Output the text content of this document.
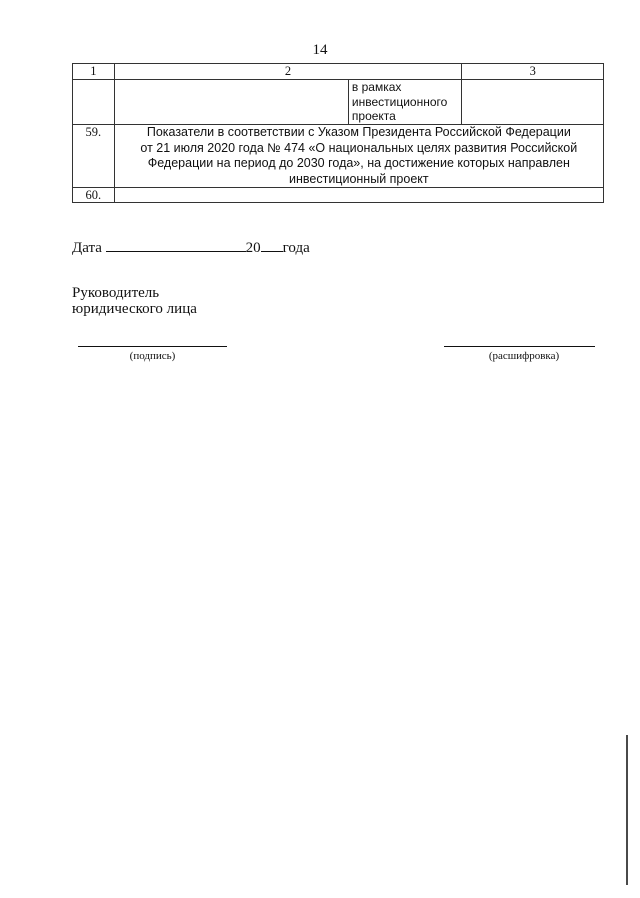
14
1	2		3

		в рамках
инвестиционного
проекта	

59.	Показатели в соответствии с Указом Президента Российской Федерации
от 21 июля 2020 года № 474 «О национальных целях развития Российской
Федерации на период до 2030 года», на достижение которых направлен
инвестиционный проект		

60.			
Дата	20 года
Руководитель
юридического лица
(подпись)	(расшифровка)
